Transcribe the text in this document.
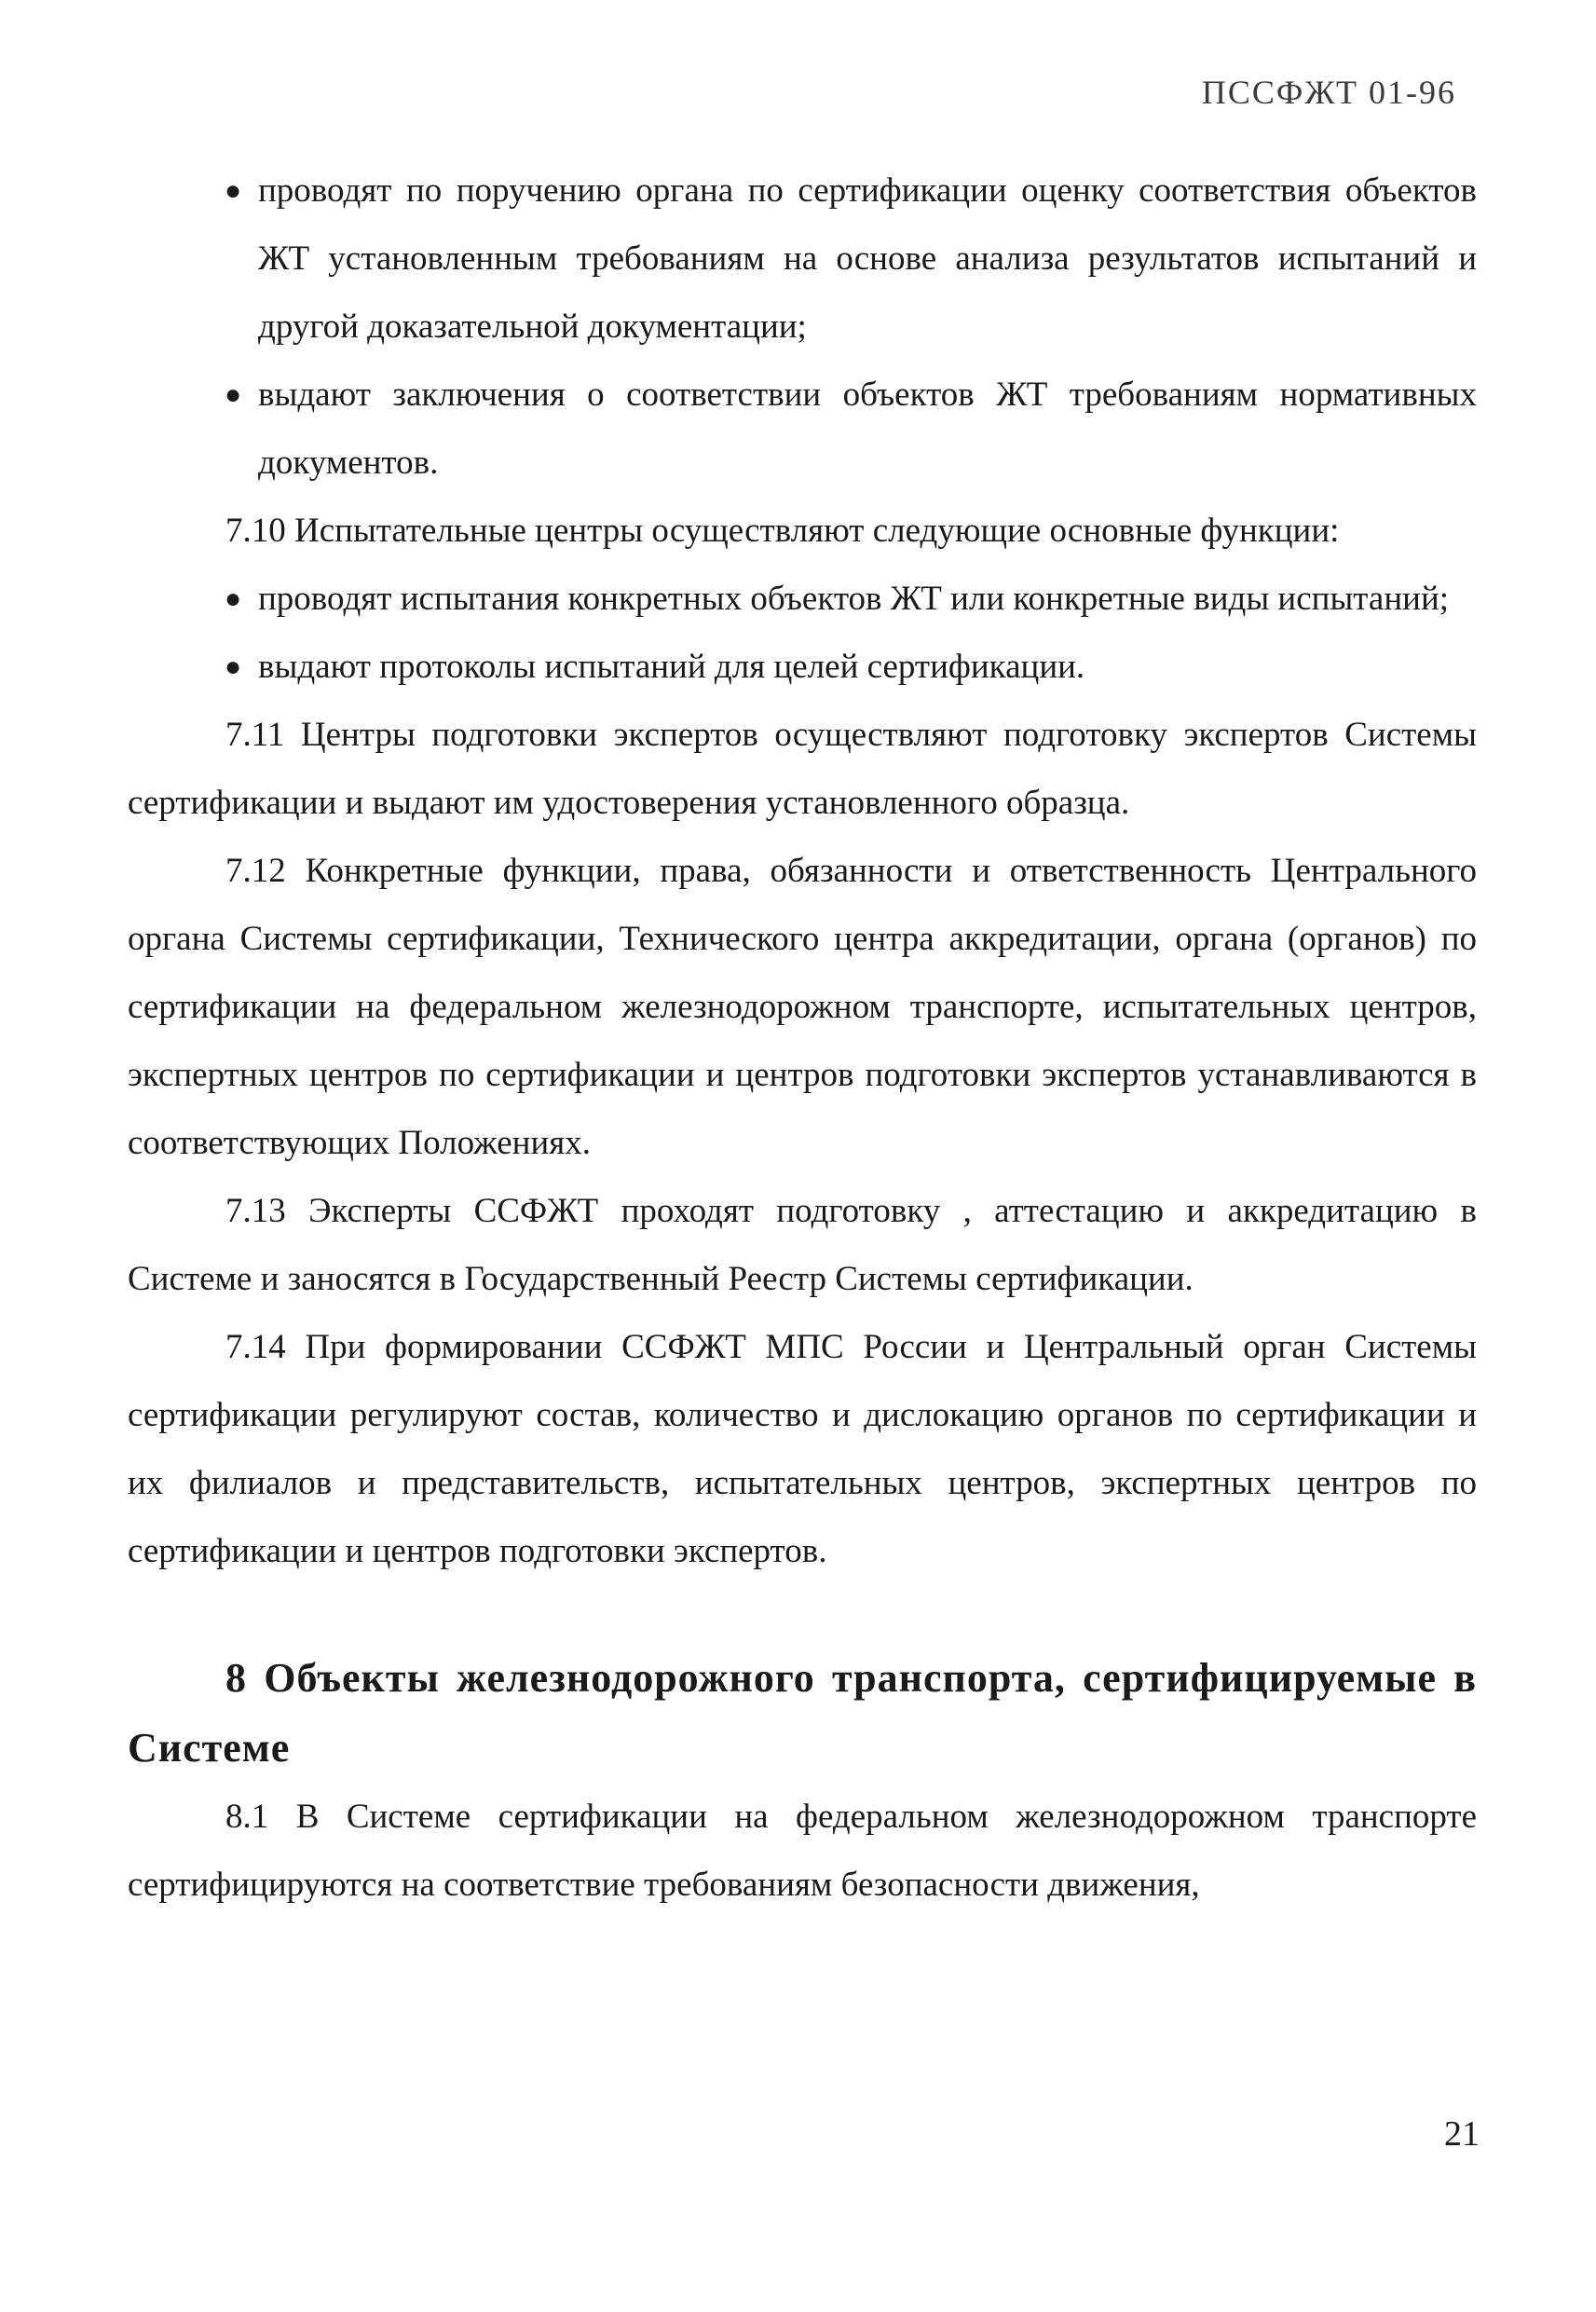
ПССФЖТ 01-96
● проводят по поручению органа по сертификации оценку соответствия объектов ЖТ установленным требованиям на основе анализа результатов испытаний и другой доказательной документации;
● выдают заключения о соответствии объектов ЖТ требованиям нормативных документов.

7.10 Испытательные центры осуществляют следующие основные функции:

● проводят испытания конкретных объектов ЖТ или конкретные виды испытаний;
● выдают протоколы испытаний для целей сертификации.

7.11 Центры подготовки экспертов осуществляют подготовку экспертов Системы сертификации и выдают им удостоверения установленного образца.

7.12 Конкретные функции, права, обязанности и ответственность Центрального органа Системы сертификации, Технического центра аккредитации, органа (органов) по сертификации на федеральном железнодорожном транспорте, испытательных центров, экспертных центров по сертификации и центров подготовки экспертов устанавливаются в соответствующих Положениях.

7.13 Эксперты ССФЖТ проходят подготовку , аттестацию и аккредитацию в Системе и заносятся в Государственный Реестр Системы сертификации.

7.14 При формировании ССФЖТ МПС России и Центральный орган Системы сертификации регулируют состав, количество и дислокацию органов по сертификации и их филиалов и представительств, испытательных центров, экспертных центров по сертификации и центров подготовки экспертов.

8 Объекты железнодорожного транспорта, сертифицируемые в Системе

8.1 В Системе сертификации на федеральном железнодорожном транспорте сертифицируются на соответствие требованиям безопасности движения,

21
